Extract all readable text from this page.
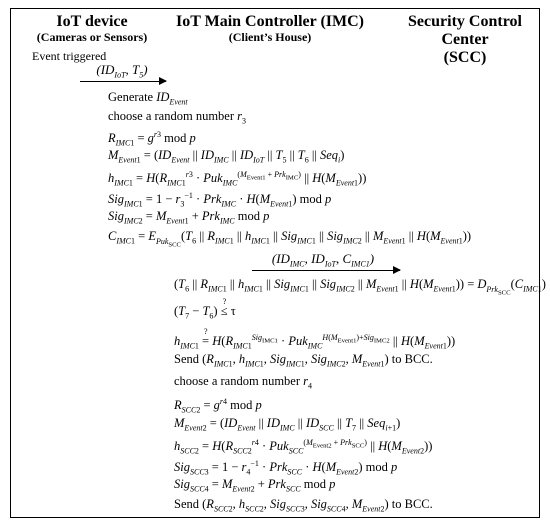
IoT device
(Cameras or Sensors)
IoT Main Controller (IMC)
(Client’s House)
Security Control Center
(SCC)
Event triggered
($ID_{IoT}$, $T_5$)
Generate $ID_{Event}$
choose a random number $r_3$
$R_{IMC1} = g^{r3}$ mod p
$M_{Event1} = (ID_{Event}$ || $ID_{IMC}$ || $ID_{IoT}$ || $T_5$ || $T_6$ || Seq$_i$)
$h_{IMC1} = H(R_{IMC1}^{r3} \cdot Puk_{IMC}^{(M_{Event1} + Prk_{IMC})}$ || $H(M_{Event1})$)
$Sig_{IMC1} = 1 - r_3^{-1} \cdot Prk_{IMC} \cdot H(M_{Event1})$ mod p
$Sig_{IMC2} = M_{Event1} + Prk_{IMC}$ mod p
$C_{IMC1} = E_{Puk_{SCC}}(T_6$ || $R_{IMC1}$ || $h_{IMC1}$ || Sig$_{IMC1}$ || Sig$_{IMC2}$ || $M_{Event1}$ || $H(M_{Event1})$)
($ID_{IMC}$, $ID_{IoT}$, $C_{IMC1}$)
($T_6$ || $R_{IMC1}$ || $h_{IMC1}$ || Sig$_{IMC1}$ || Sig$_{IMC2}$ || $M_{Event1}$ || $H(M_{Event1})) = D_{Prk_{SCC}}(C_{IMC1})$
$(T_7 - T_6)$ ≤
?
τ
$h_{IMC1}$ =
?
$H(R_{IMC1}^{Sig_{IMC1}} \cdot Puk_{IMC}^{H(M_{Event1})+Sig_{IMC2}}$ || $H(M_{Event1})$)
Send ($R_{IMC1}$, $h_{IMC1}$, Sig$_{IMC1}$, Sig$_{IMC2}$, $M_{Event1}$) to BCC.
choose a random number $r_4$
$R_{SCC2} = g^{r4}$ mod p
$M_{Event2} = (ID_{Event}$ || $ID_{IMC}$ || $ID_{SCC}$ || $T_7$ || Seq$_{i+1}$)
$h_{SCC2} = H(R_{SCC2}^{r4} \cdot Puk_{SCC}^{(M_{Event2} + Prk_{SCC})}$ || $H(M_{Event2})$)
$Sig_{SCC3} = 1 - r_4^{-1} \cdot Prk_{SCC} \cdot H(M_{Event2})$ mod p
$Sig_{SCC4} = M_{Event2} + Prk_{SCC}$ mod p
Send ($R_{SCC2}$, $h_{SCC2}$, Sig$_{SCC3}$, Sig$_{SCC4}$, $M_{Event2}$) to BCC.
